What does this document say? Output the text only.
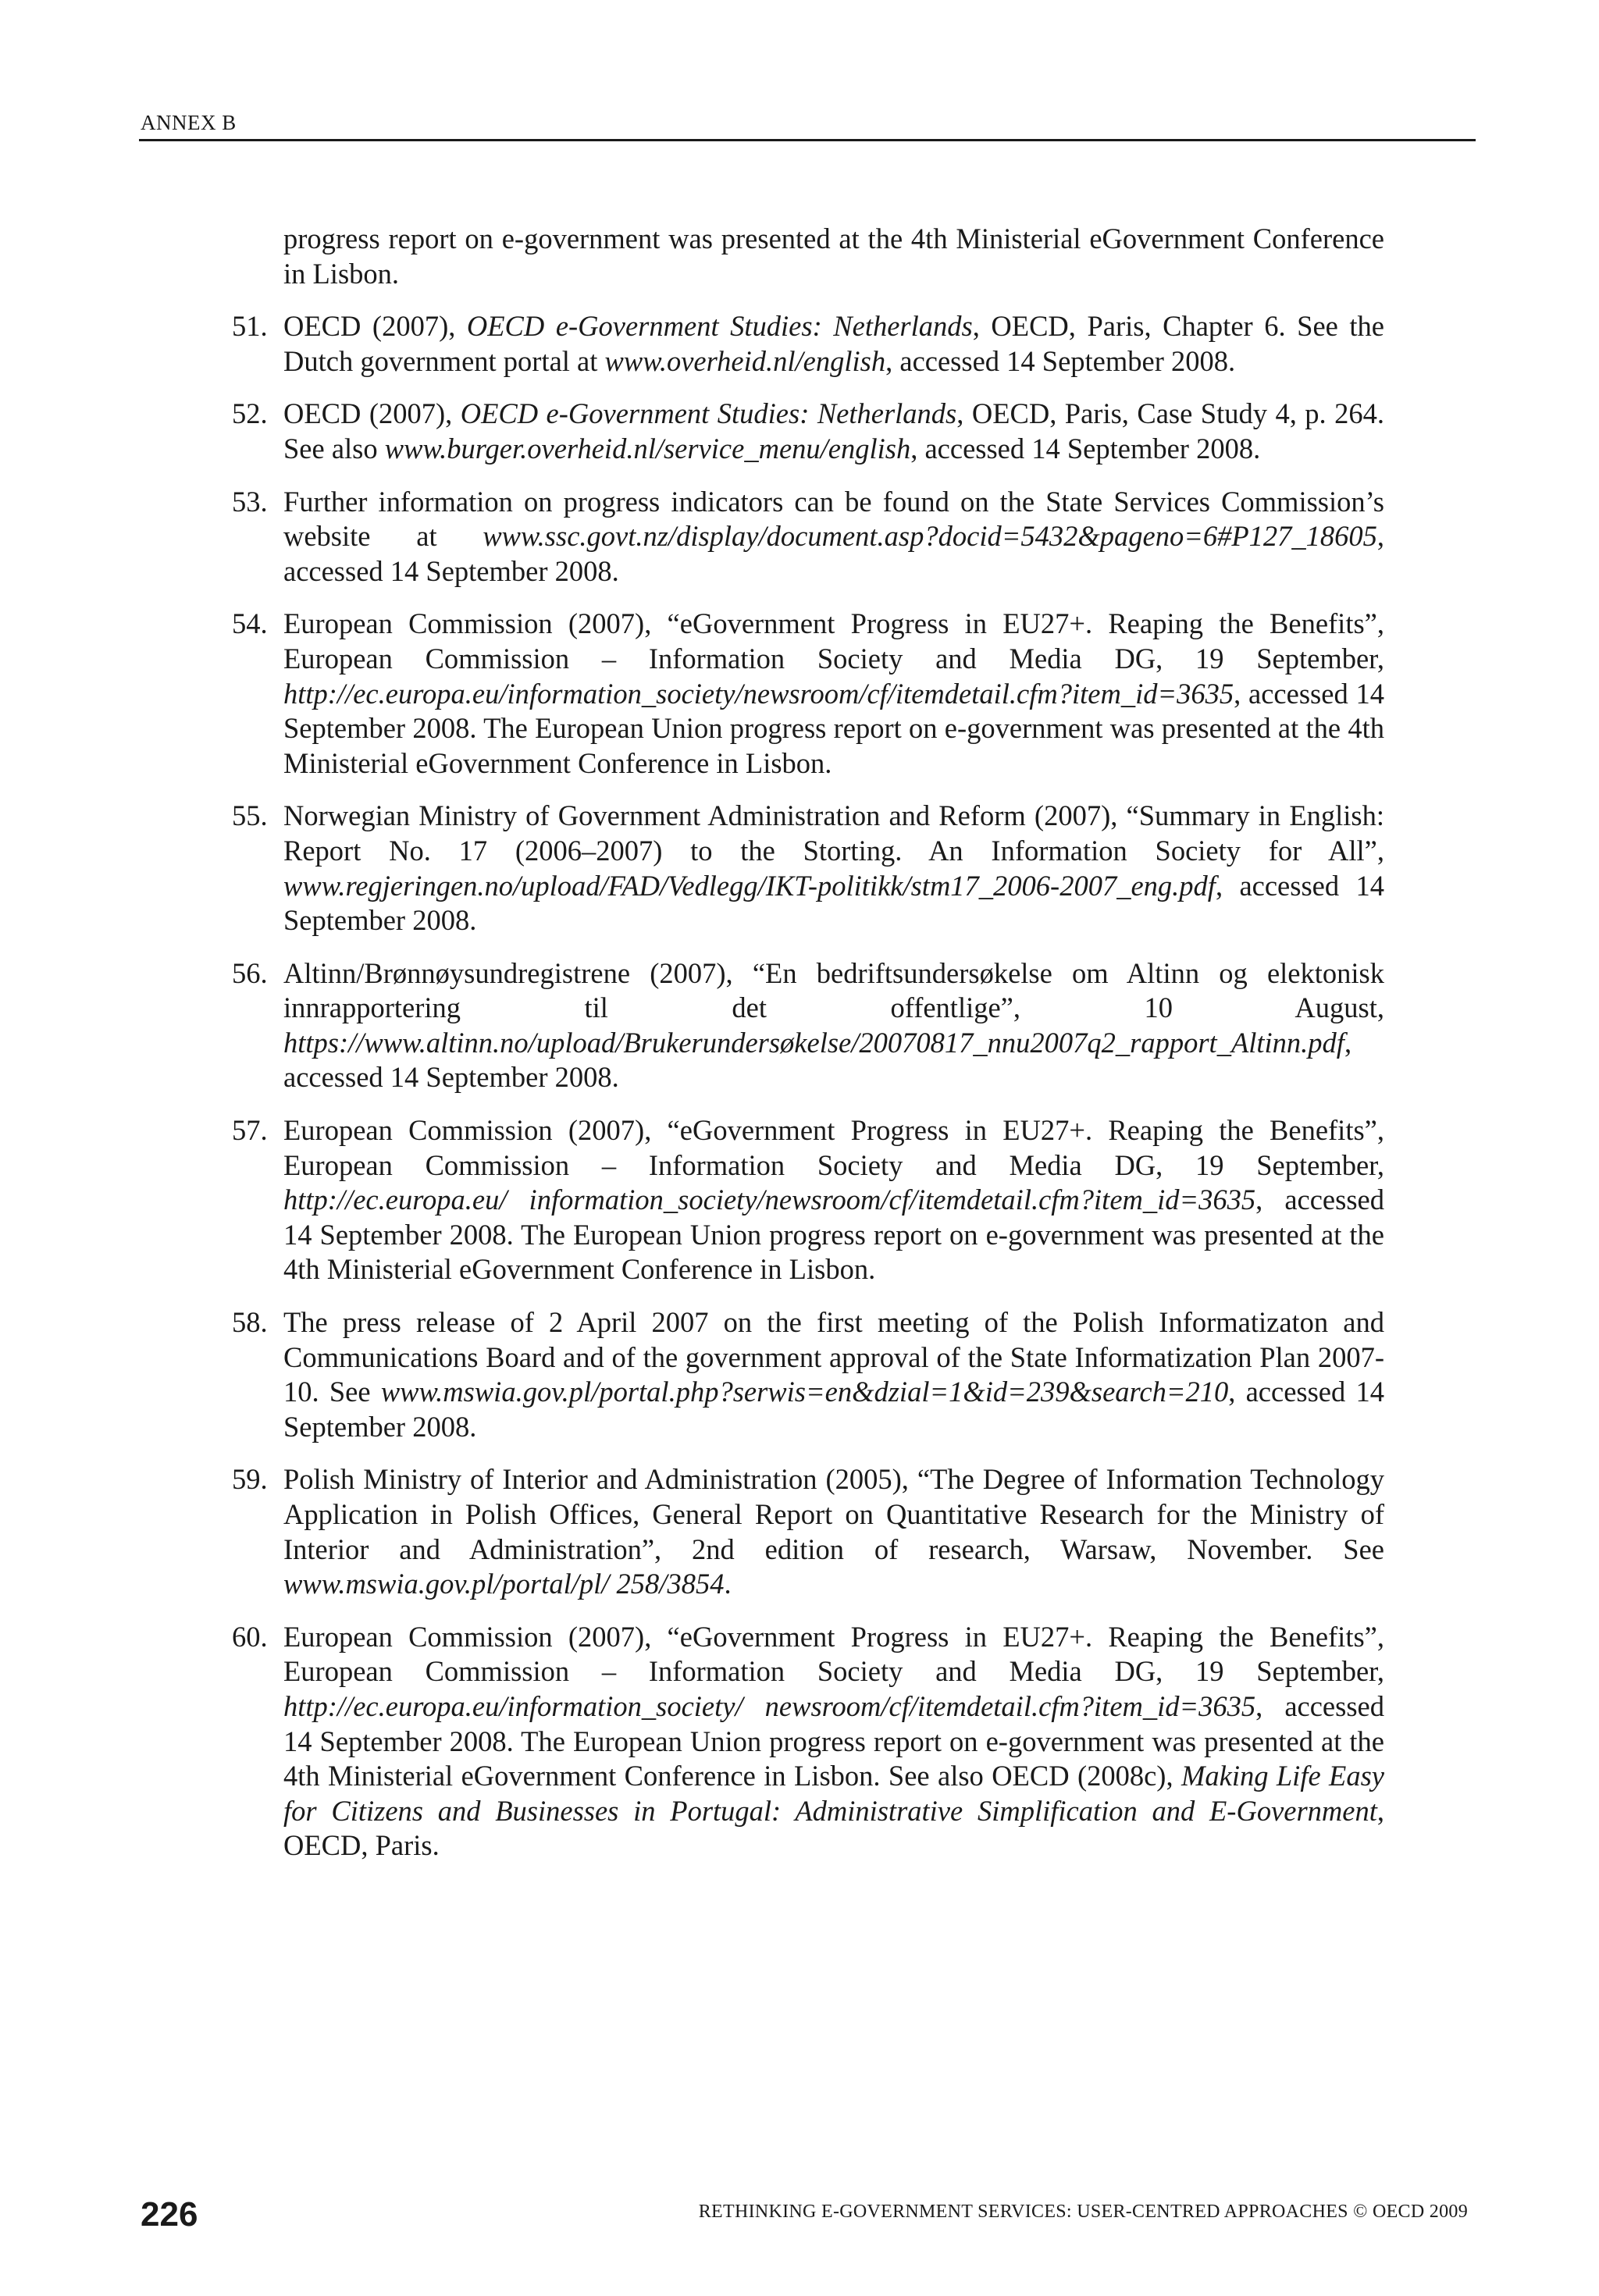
ANNEX B

progress report on e-government was presented at the 4th Ministerial eGovernment Conference in Lisbon.

51. OECD (2007), OECD e-Government Studies: Netherlands, OECD, Paris, Chapter 6. See the Dutch government portal at www.overheid.nl/english, accessed 14 September 2008.

52. OECD (2007), OECD e-Government Studies: Netherlands, OECD, Paris, Case Study 4, p. 264. See also www.burger.overheid.nl/service_menu/english, accessed 14 September 2008.

53. Further information on progress indicators can be found on the State Services Commission’s website at www.ssc.govt.nz/display/document.asp?docid=5432&pageno=6#P127_18605, accessed 14 September 2008.

54. European Commission (2007), “eGovernment Progress in EU27+. Reaping the Benefits”, European Commission – Information Society and Media DG, 19 September, http://ec.europa.eu/information_society/newsroom/cf/itemdetail.cfm?item_id=3635, accessed 14 September 2008. The European Union progress report on e-government was presented at the 4th Ministerial eGovernment Conference in Lisbon.

55. Norwegian Ministry of Government Administration and Reform (2007), “Summary in English: Report No. 17 (2006–2007) to the Storting. An Information Society for All”, www.regjeringen.no/upload/FAD/Vedlegg/IKT-politikk/stm17_2006-2007_eng.pdf, accessed 14 September 2008.

56. Altinn/Brønnøysundregistrene (2007), “En bedriftsundersøkelse om Altinn og elektonisk innrapportering til det offentlige”, 10 August, https://www.altinn.no/upload/Brukerundersøkelse/20070817_nnu2007q2_rapport_Altinn.pdf, accessed 14 September 2008.

57. European Commission (2007), “eGovernment Progress in EU27+. Reaping the Benefits”, European Commission – Information Society and Media DG, 19 September, http://ec.europa.eu/ information_society/newsroom/cf/itemdetail.cfm?item_id=3635, accessed 14 September 2008. The European Union progress report on e-government was presented at the 4th Ministerial eGovernment Conference in Lisbon.

58. The press release of 2 April 2007 on the first meeting of the Polish Informatizaton and Communications Board and of the government approval of the State Informatization Plan 2007-10. See www.mswia.gov.pl/portal.php?serwis=en&dzial=1&id=239&search=210, accessed 14 September 2008.

59. Polish Ministry of Interior and Administration (2005), “The Degree of Information Technology Application in Polish Offices, General Report on Quantitative Research for the Ministry of Interior and Administration”, 2nd edition of research, Warsaw, November. See www.mswia.gov.pl/portal/pl/ 258/3854.

60. European Commission (2007), “eGovernment Progress in EU27+. Reaping the Benefits”, European Commission – Information Society and Media DG, 19 September, http://ec.europa.eu/information_society/ newsroom/cf/itemdetail.cfm?item_id=3635, accessed 14 September 2008. The European Union progress report on e-government was presented at the 4th Ministerial eGovernment Conference in Lisbon. See also OECD (2008c), Making Life Easy for Citizens and Businesses in Portugal: Administrative Simplification and E-Government, OECD, Paris.

226	RETHINKING E-GOVERNMENT SERVICES: USER-CENTRED APPROACHES © OECD 2009
